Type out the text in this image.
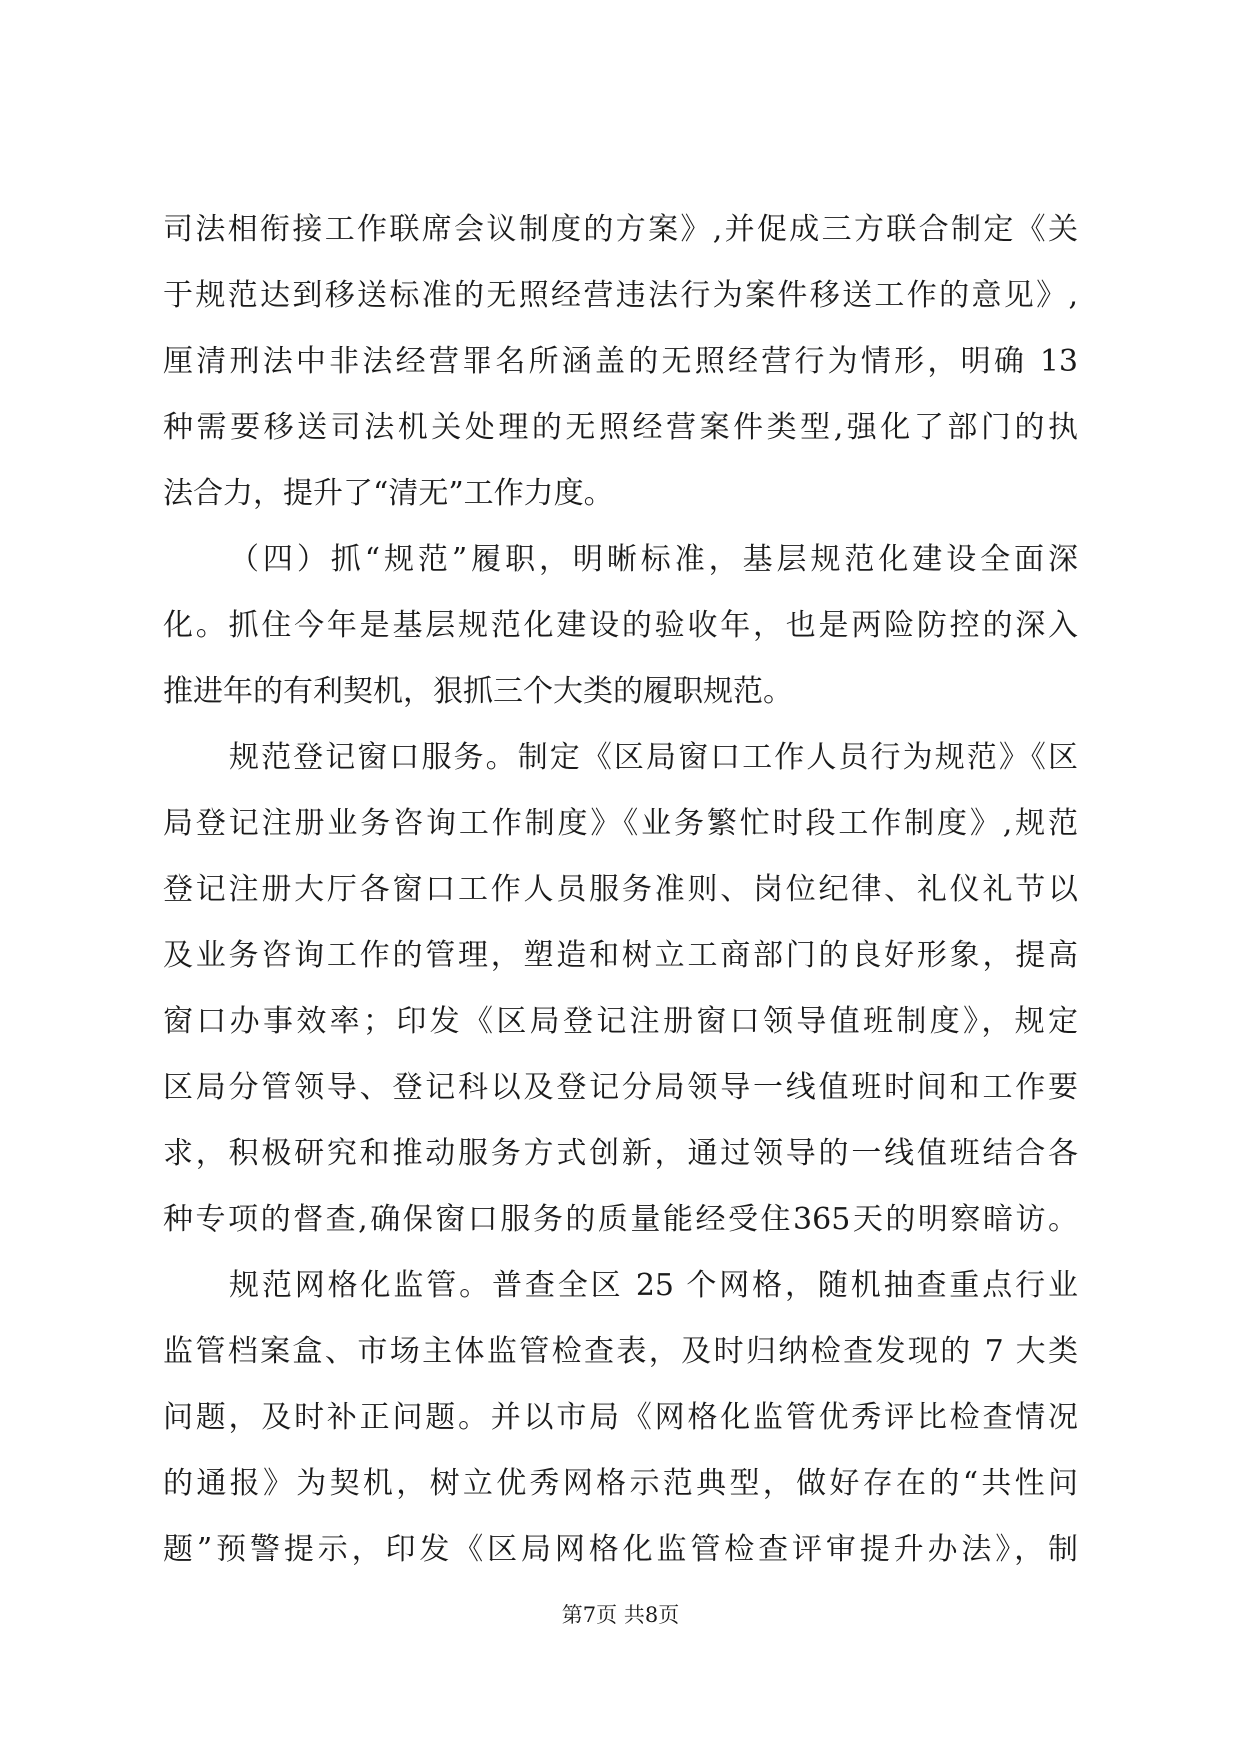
司法相衔接工作联席会议制度的方案》,并促成三方联合制定《关
于规范达到移送标准的无照经营违法行为案件移送工作的意见》,
厘清刑法中非法经营罪名所涵盖的无照经营行为情形，明确 13
种需要移送司法机关处理的无照经营案件类型,强化了部门的执
法合力，提升了“清无”工作力度。
（四）抓“规范”履职，明晰标准，基层规范化建设全面深
化。抓住今年是基层规范化建设的验收年，也是两险防控的深入
推进年的有利契机，狠抓三个大类的履职规范。
规范登记窗口服务。制定《区局窗口工作人员行为规范》《区
局登记注册业务咨询工作制度》《业务繁忙时段工作制度》,规范
登记注册大厅各窗口工作人员服务准则、岗位纪律、礼仪礼节以
及业务咨询工作的管理，塑造和树立工商部门的良好形象，提高
窗口办事效率；印发《区局登记注册窗口领导值班制度》，规定
区局分管领导、登记科以及登记分局领导一线值班时间和工作要
求，积极研究和推动服务方式创新，通过领导的一线值班结合各
种专项的督查,确保窗口服务的质量能经受住365天的明察暗访。
规范网格化监管。普查全区 25 个网格，随机抽查重点行业
监管档案盒、市场主体监管检查表，及时归纳检查发现的 7 大类
问题，及时补正问题。并以市局《网格化监管优秀评比检查情况
的通报》为契机，树立优秀网格示范典型，做好存在的“共性问
题”预警提示，印发《区局网格化监管检查评审提升办法》，制
第7页 共8页
